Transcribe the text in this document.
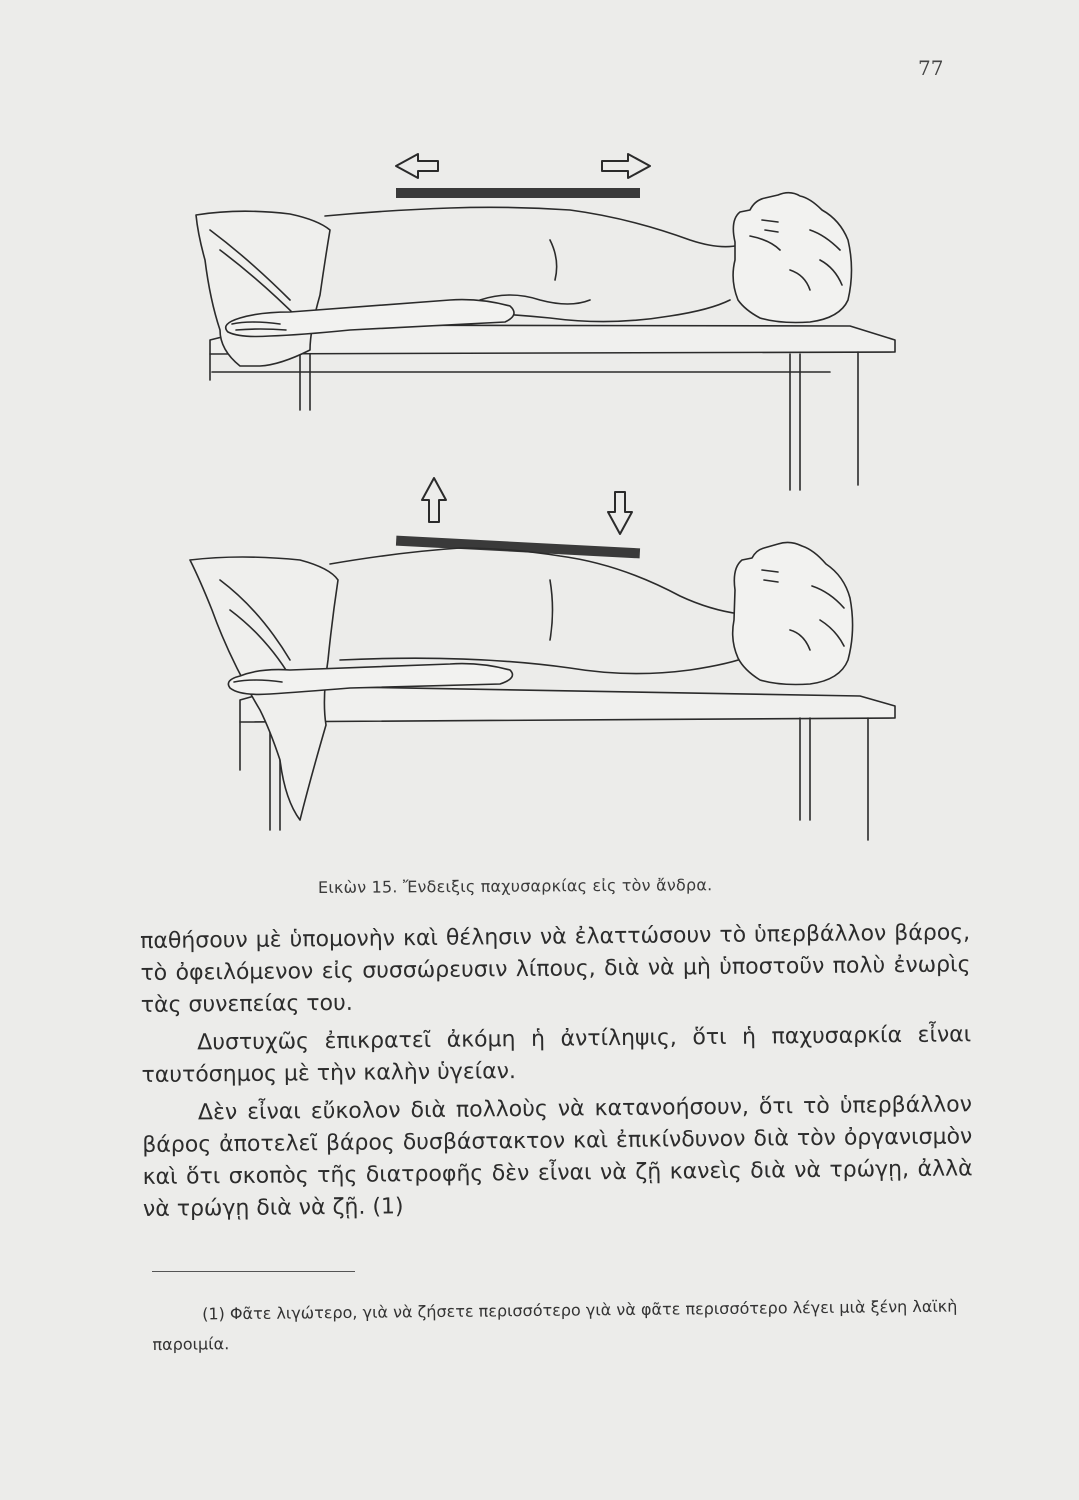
77
Εικὼν 15. Ἔνδειξις παχυσαρκίας εἰς τὸν ἄνδρα.

παθήσουν μὲ ὑπομονὴν καὶ θέλησιν νὰ ἐλαττώσουν τὸ ὑπερβάλλον βάρος, τὸ ὀφειλόμενον εἰς συσσώρευσιν λίπους, διὰ νὰ μὴ ὑποστοῦν πολὺ ἐνωρὶς τὰς συνεπείας του.

Δυστυχῶς ἐπικρατεῖ ἀκόμη ἡ ἀντίληψις, ὅτι ἡ παχυσαρκία εἶναι ταυτόσημος μὲ τὴν καλὴν ὑγείαν.

Δὲν εἶναι εὔκολον διὰ πολλοὺς νὰ κατανοήσουν, ὅτι τὸ ὑπερβάλλον βάρος ἀποτελεῖ βάρος δυσβάστακτον καὶ ἐπικίνδυνον διὰ τὸν ὀργανισμὸν καὶ ὅτι σκοπὸς τῆς διατροφῆς δὲν εἶναι νὰ ζῇ κανεὶς διὰ νὰ τρώγῃ, ἀλλὰ νὰ τρώγῃ διὰ νὰ ζῇ. (1)

(1) Φᾶτε λιγώτερο, γιὰ νὰ ζήσετε περισσότερο γιὰ νὰ φᾶτε περισσότερο λέγει μιὰ ξένη λαϊκὴ παροιμία.
